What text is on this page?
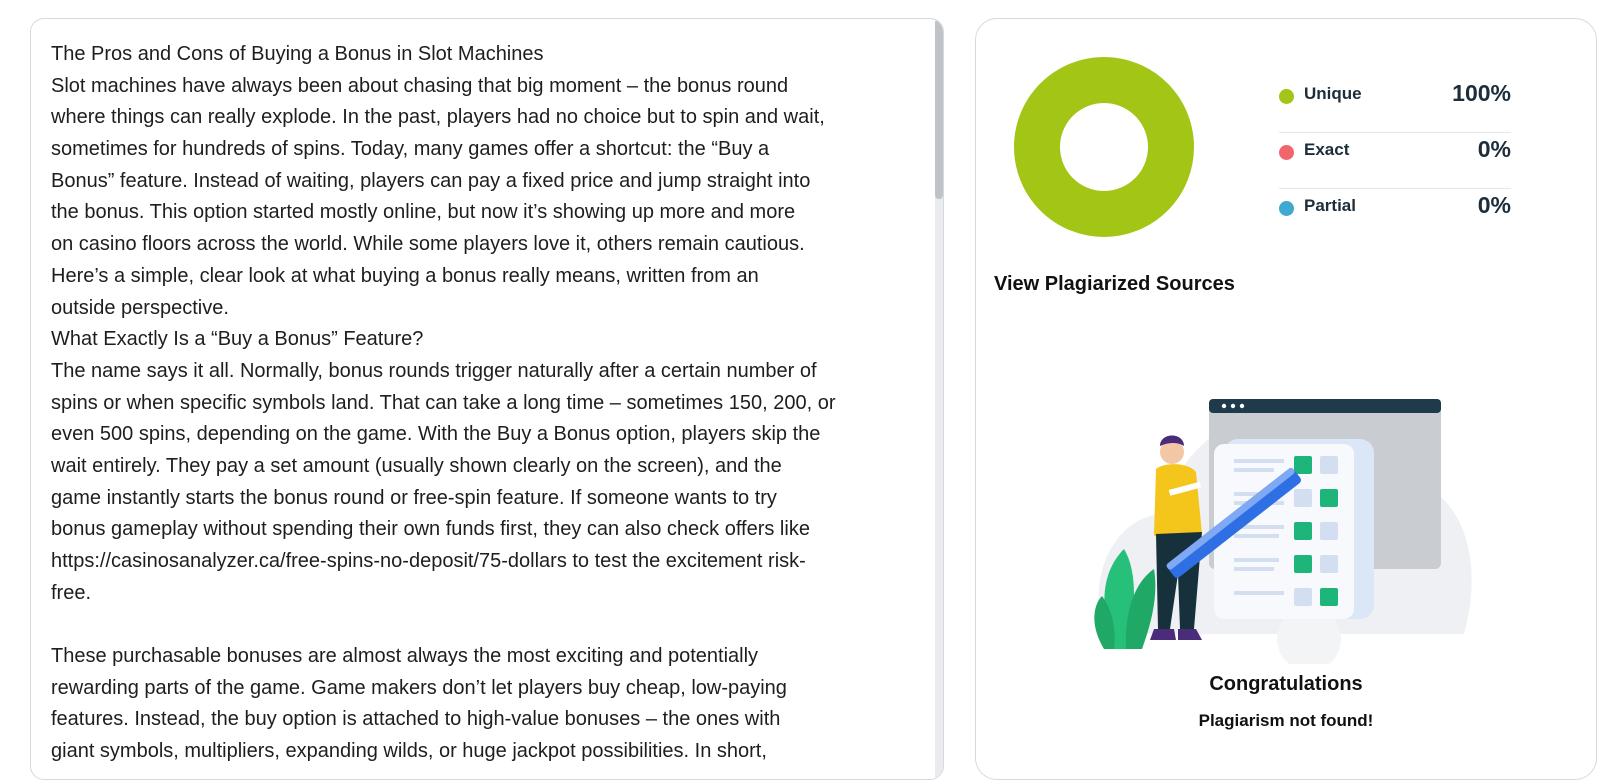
The Pros and Cons of Buying a Bonus in Slot Machines
Slot machines have always been about chasing that big moment – the bonus round
where things can really explode. In the past, players had no choice but to spin and wait,
sometimes for hundreds of spins. Today, many games offer a shortcut: the “Buy a
Bonus” feature. Instead of waiting, players can pay a fixed price and jump straight into
the bonus. This option started mostly online, but now it’s showing up more and more
on casino floors across the world. While some players love it, others remain cautious.
Here’s a simple, clear look at what buying a bonus really means, written from an
outside perspective.
What Exactly Is a “Buy a Bonus” Feature?
The name says it all. Normally, bonus rounds trigger naturally after a certain number of
spins or when specific symbols land. That can take a long time – sometimes 150, 200, or
even 500 spins, depending on the game. With the Buy a Bonus option, players skip the
wait entirely. They pay a set amount (usually shown clearly on the screen), and the
game instantly starts the bonus round or free-spin feature. If someone wants to try
bonus gameplay without spending their own funds first, they can also check offers like
https://casinosanalyzer.ca/free-spins-no-deposit/75-dollars to test the excitement risk-
free.
These purchasable bonuses are almost always the most exciting and potentially
rewarding parts of the game. Game makers don’t let players buy cheap, low-paying
features. Instead, the buy option is attached to high-value bonuses – the ones with
giant symbols, multipliers, expanding wilds, or huge jackpot possibilities. In short,
Unique	100%
Exact	0%
Partial	0%
View Plagiarized Sources
Congratulations
Plagiarism not found!
